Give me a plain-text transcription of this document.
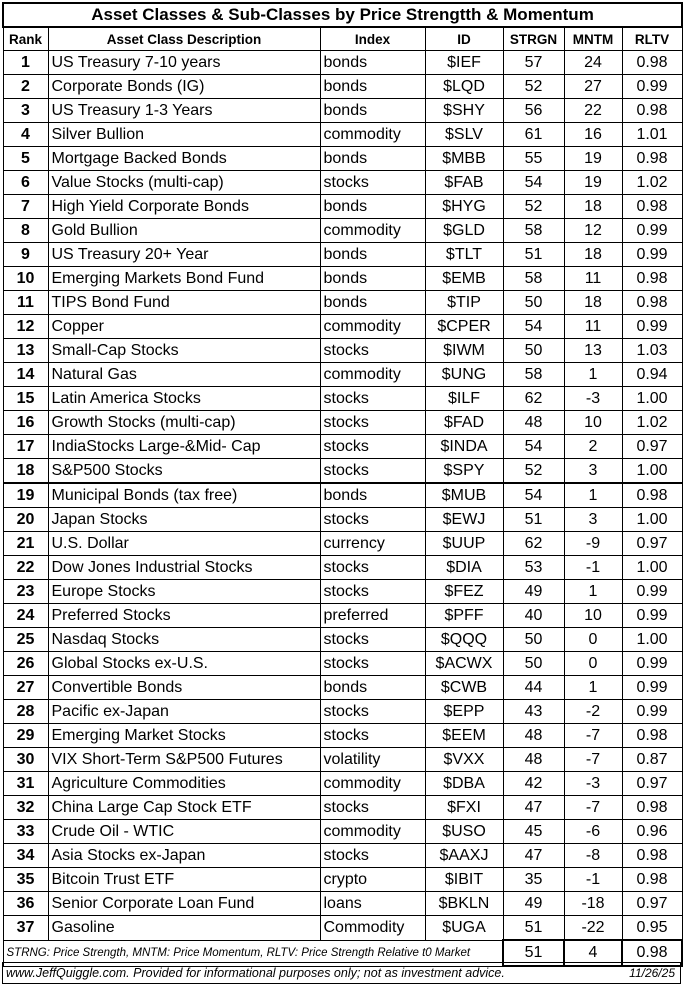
Asset Classes & Sub-Classes by Price Strengtth & Momentum						
Rank	Asset Class Description	Index	ID	STRGN	MNTM	RLTV
1	US Treasury 7-10 years	bonds	$IEF	57	24	0.98
2	Corporate Bonds (IG)	bonds	$LQD	52	27	0.99
3	US Treasury 1-3 Years	bonds	$SHY	56	22	0.98
4	Silver Bullion	commodity	$SLV	61	16	1.01
5	Mortgage Backed Bonds	bonds	$MBB	55	19	0.98
6	Value Stocks (multi-cap)	stocks	$FAB	54	19	1.02
7	High Yield Corporate Bonds	bonds	$HYG	52	18	0.98
8	Gold Bullion	commodity	$GLD	58	12	0.99
9	US Treasury 20+ Year	bonds	$TLT	51	18	0.99
10	Emerging Markets Bond Fund	bonds	$EMB	58	11	0.98
11	TIPS Bond Fund	bonds	$TIP	50	18	0.98
12	Copper	commodity	$CPER	54	11	0.99
13	Small-Cap Stocks	stocks	$IWM	50	13	1.03
14	Natural Gas	commodity	$UNG	58	1	0.94
15	Latin America Stocks	stocks	$ILF	62	-3	1.00
16	Growth Stocks (multi-cap)	stocks	$FAD	48	10	1.02
17	IndiaStocks Large-&Mid- Cap	stocks	$INDA	54	2	0.97
18	S&P500 Stocks	stocks	$SPY	52	3	1.00
19	Municipal Bonds (tax free)	bonds	$MUB	54	1	0.98
20	Japan Stocks	stocks	$EWJ	51	3	1.00
21	U.S. Dollar	currency	$UUP	62	-9	0.97
22	Dow Jones Industrial Stocks	stocks	$DIA	53	-1	1.00
23	Europe Stocks	stocks	$FEZ	49	1	0.99
24	Preferred Stocks	preferred	$PFF	40	10	0.99
25	Nasdaq Stocks	stocks	$QQQ	50	0	1.00
26	Global Stocks ex-U.S.	stocks	$ACWX	50	0	0.99
27	Convertible Bonds	bonds	$CWB	44	1	0.99
28	Pacific ex-Japan	stocks	$EPP	43	-2	0.99
29	Emerging Market Stocks	stocks	$EEM	48	-7	0.98
30	VIX Short-Term S&P500 Futures	volatility	$VXX	48	-7	0.87
31	Agriculture Commodities	commodity	$DBA	42	-3	0.97
32	China Large Cap Stock ETF	stocks	$FXI	47	-7	0.98
33	Crude Oil - WTIC	commodity	$USO	45	-6	0.96
34	Asia Stocks ex-Japan	stocks	$AAXJ	47	-8	0.98
35	Bitcoin Trust ETF	crypto	$IBIT	35	-1	0.98
36	Senior Corporate Loan Fund	loans	$BKLN	49	-18	0.97
37	Gasoline	Commodity	$UGA	51	-22	0.95
STRNG: Price Strength, MNTM: Price Momentum, RLTV: Price Strength Relative t0 Market				51	4	0.98
www.JeffQuiggle.com. Provided for informational purposes only; not as investment advice.	11/26/25
